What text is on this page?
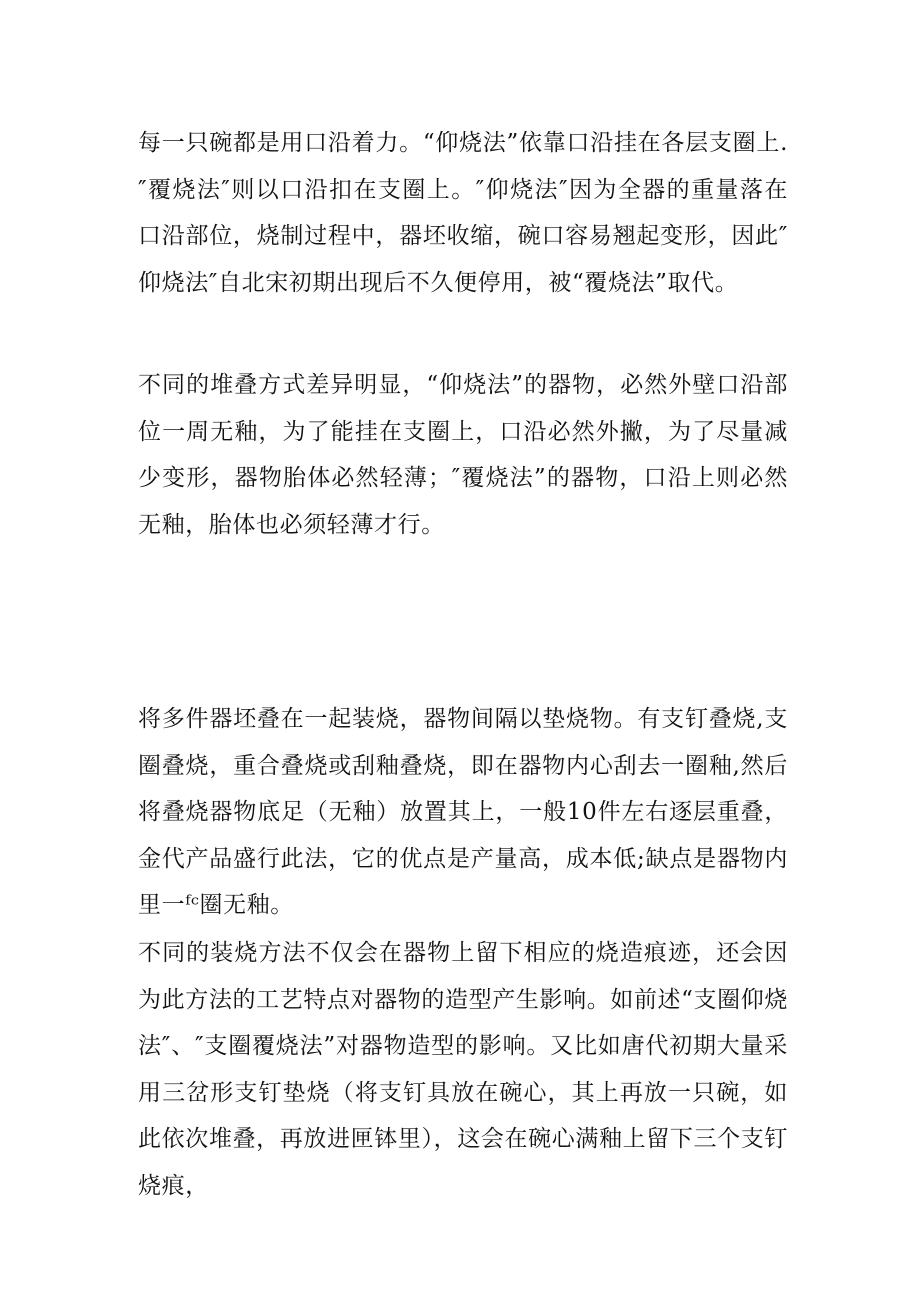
每一只碗都是用口沿着力。“仰烧法”依靠口沿挂在各层支圈上.″覆烧法″则以口沿扣在支圈上。″仰烧法″因为全器的重量落在口沿部位，烧制过程中，器坯收缩，碗口容易翘起变形，因此″仰烧法″自北宋初期出现后不久便停用，被“覆烧法”取代。

不同的堆叠方式差异明显，“仰烧法”的器物，必然外壁口沿部位一周无釉，为了能挂在支圈上，口沿必然外撇，为了尽量减少变形，器物胎体必然轻薄；″覆烧法”的器物，口沿上则必然无釉，胎体也必须轻薄才行。

将多件器坯叠在一起装烧，器物间隔以垫烧物。有支钉叠烧,支圈叠烧，重合叠烧或刮釉叠烧，即在器物内心刮去一圈釉,然后将叠烧器物底足（无釉）放置其上，一般10件左右逐层重叠，金代产品盛行此法，它的优点是产量高，成本低;缺点是器物内里一ᶠᶜ圈无釉。

不同的装烧方法不仅会在器物上留下相应的烧造痕迹，还会因为此方法的工艺特点对器物的造型产生影响。如前述“支圈仰烧法″、″支圈覆烧法”对器物造型的影响。又比如唐代初期大量采用三岔形支钉垫烧（将支钉具放在碗心，其上再放一只碗，如此依次堆叠，再放进匣钵里），这会在碗心满釉上留下三个支钉烧痕，
